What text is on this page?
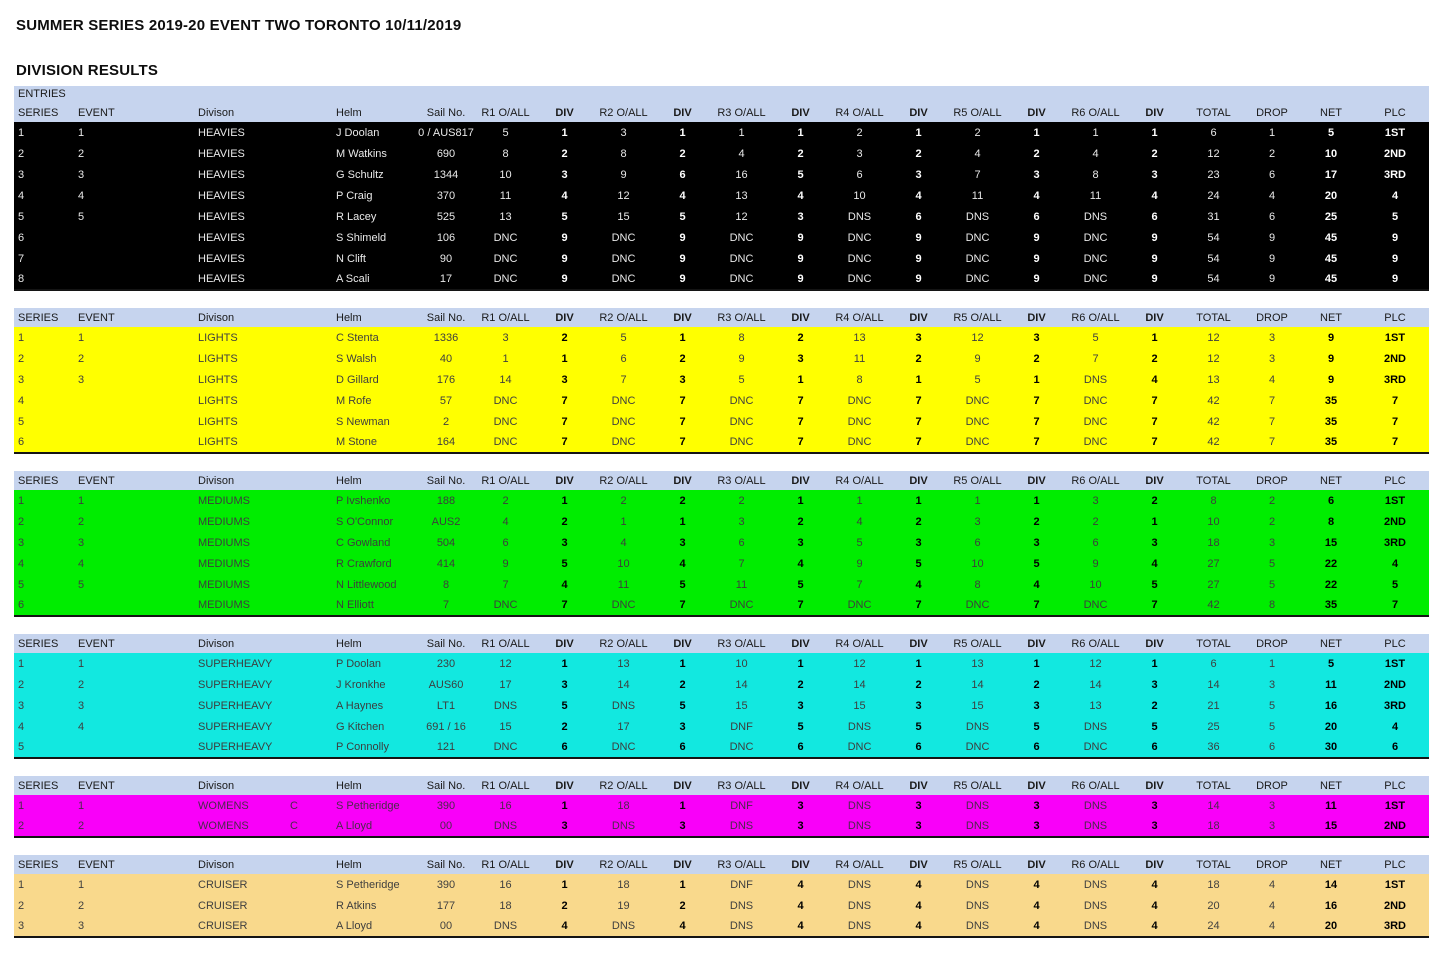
SUMMER SERIES 2019-20 EVENT TWO TORONTO 10/11/2019
DIVISION RESULTS
ENTRIES
SERIES	EVENT	Divison	Helm	Sail No.	R1 O/ALL	DIV	R2 O/ALL	DIV	R3 O/ALL	DIV	R4 O/ALL	DIV	R5 O/ALL	DIV	R6 O/ALL	DIV	TOTAL	DROP	NET	PLC
1	1	HEAVIES	J Doolan	0 / AUS817	5	1	3	1	1	1	2	1	2	1	1	1	6	1	5	1ST
2	2	HEAVIES	M Watkins	690	8	2	8	2	4	2	3	2	4	2	4	2	12	2	10	2ND
3	3	HEAVIES	G Schultz	1344	10	3	9	6	16	5	6	3	7	3	8	3	23	6	17	3RD
4	4	HEAVIES	P Craig	370	11	4	12	4	13	4	10	4	11	4	11	4	24	4	20	4
5	5	HEAVIES	R Lacey	525	13	5	15	5	12	3	DNS	6	DNS	6	DNS	6	31	6	25	5
6		HEAVIES	S Shimeld	106	DNC	9	DNC	9	DNC	9	DNC	9	DNC	9	DNC	9	54	9	45	9
7		HEAVIES	N Clift	90	DNC	9	DNC	9	DNC	9	DNC	9	DNC	9	DNC	9	54	9	45	9
8		HEAVIES	A Scali	17	DNC	9	DNC	9	DNC	9	DNC	9	DNC	9	DNC	9	54	9	45	9
SERIES	EVENT	Divison	Helm	Sail No.	R1 O/ALL	DIV	R2 O/ALL	DIV	R3 O/ALL	DIV	R4 O/ALL	DIV	R5 O/ALL	DIV	R6 O/ALL	DIV	TOTAL	DROP	NET	PLC
1	1	LIGHTS	C Stenta	1336	3	2	5	1	8	2	13	3	12	3	5	1	12	3	9	1ST
2	2	LIGHTS	S Walsh	40	1	1	6	2	9	3	11	2	9	2	7	2	12	3	9	2ND
3	3	LIGHTS	D Gillard	176	14	3	7	3	5	1	8	1	5	1	DNS	4	13	4	9	3RD
4		LIGHTS	M Rofe	57	DNC	7	DNC	7	DNC	7	DNC	7	DNC	7	DNC	7	42	7	35	7
5		LIGHTS	S Newman	2	DNC	7	DNC	7	DNC	7	DNC	7	DNC	7	DNC	7	42	7	35	7
6		LIGHTS	M Stone	164	DNC	7	DNC	7	DNC	7	DNC	7	DNC	7	DNC	7	42	7	35	7
SERIES	EVENT	Divison	Helm	Sail No.	R1 O/ALL	DIV	R2 O/ALL	DIV	R3 O/ALL	DIV	R4 O/ALL	DIV	R5 O/ALL	DIV	R6 O/ALL	DIV	TOTAL	DROP	NET	PLC
1	1	MEDIUMS	P Ivshenko	188	2	1	2	2	2	1	1	1	1	1	3	2	8	2	6	1ST
2	2	MEDIUMS	S O'Connor	AUS2	4	2	1	1	3	2	4	2	3	2	2	1	10	2	8	2ND
3	3	MEDIUMS	C Gowland	504	6	3	4	3	6	3	5	3	6	3	6	3	18	3	15	3RD
4	4	MEDIUMS	R Crawford	414	9	5	10	4	7	4	9	5	10	5	9	4	27	5	22	4
5	5	MEDIUMS	N Littlewood	8	7	4	11	5	11	5	7	4	8	4	10	5	27	5	22	5
6		MEDIUMS	N Elliott	7	DNC	7	DNC	7	DNC	7	DNC	7	DNC	7	DNC	7	42	8	35	7
SERIES	EVENT	Divison	Helm	Sail No.	R1 O/ALL	DIV	R2 O/ALL	DIV	R3 O/ALL	DIV	R4 O/ALL	DIV	R5 O/ALL	DIV	R6 O/ALL	DIV	TOTAL	DROP	NET	PLC
1	1	SUPERHEAVY	P Doolan	230	12	1	13	1	10	1	12	1	13	1	12	1	6	1	5	1ST
2	2	SUPERHEAVY	J Kronkhe	AUS60	17	3	14	2	14	2	14	2	14	2	14	3	14	3	11	2ND
3	3	SUPERHEAVY	A Haynes	LT1	DNS	5	DNS	5	15	3	15	3	15	3	13	2	21	5	16	3RD
4	4	SUPERHEAVY	G Kitchen	691 / 16	15	2	17	3	DNF	5	DNS	5	DNS	5	DNS	5	25	5	20	4
5		SUPERHEAVY	P Connolly	121	DNC	6	DNC	6	DNC	6	DNC	6	DNC	6	DNC	6	36	6	30	6
SERIES	EVENT	Divison	Helm	Sail No.	R1 O/ALL	DIV	R2 O/ALL	DIV	R3 O/ALL	DIV	R4 O/ALL	DIV	R5 O/ALL	DIV	R6 O/ALL	DIV	TOTAL	DROP	NET	PLC
1	1	WOMENS C	S Petheridge	390	16	1	18	1	DNF	3	DNS	3	DNS	3	DNS	3	14	3	11	1ST
2	2	WOMENS C	A Lloyd	00	DNS	3	DNS	3	DNS	3	DNS	3	DNS	3	DNS	3	18	3	15	2ND
SERIES	EVENT	Divison	Helm	Sail No.	R1 O/ALL	DIV	R2 O/ALL	DIV	R3 O/ALL	DIV	R4 O/ALL	DIV	R5 O/ALL	DIV	R6 O/ALL	DIV	TOTAL	DROP	NET	PLC
1	1	CRUISER	S Petheridge	390	16	1	18	1	DNF	4	DNS	4	DNS	4	DNS	4	18	4	14	1ST
2	2	CRUISER	R Atkins	177	18	2	19	2	DNS	4	DNS	4	DNS	4	DNS	4	20	4	16	2ND
3	3	CRUISER	A Lloyd	00	DNS	4	DNS	4	DNS	4	DNS	4	DNS	4	DNS	4	24	4	20	3RD
